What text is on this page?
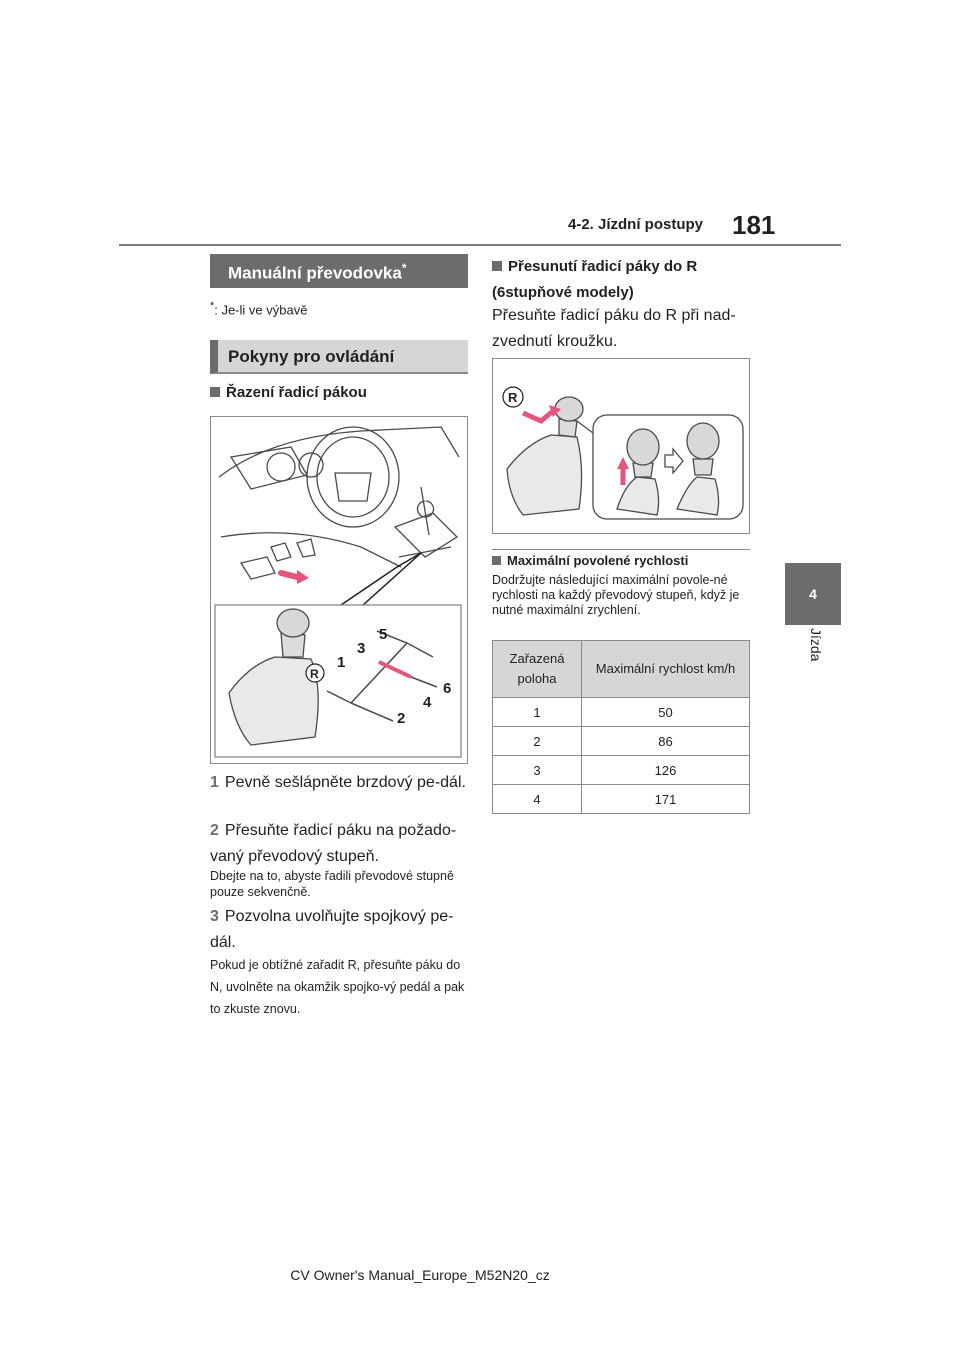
4-2. Jízdní postupy 181
4
Jízda
Manuální převodovka*
*: Je-li ve výbavě
Pokyny pro ovládání
Řazení řadicí pákou
R
1
3
5
2
4
6
1 Pevně sešlápněte brzdový pe-dál.
2 Přesuňte řadicí páku na požado-vaný převodový stupeň.
Dbejte na to, abyste řadili převodové stupně pouze sekvenčně.
3 Pozvolna uvolňujte spojkový pe-dál.
Pokud je obtížné zařadit R, přesuňte páku do N, uvolněte na okamžik spojko-vý pedál a pak to zkuste znovu.
Přesunutí řadicí páky do R (6stupňové modely)
Přesuňte řadicí páku do R při nad-zvednutí kroužku.
R
Maximální povolené rychlosti
Dodržujte následující maximální povole-né rychlosti na každý převodový stupeň, když je nutné maximální zrychlení.
Zařazená poloha	Maximální rychlost km/h
1	50
2	86
3	126
4	171
CV Owner's Manual_Europe_M52N20_cz
